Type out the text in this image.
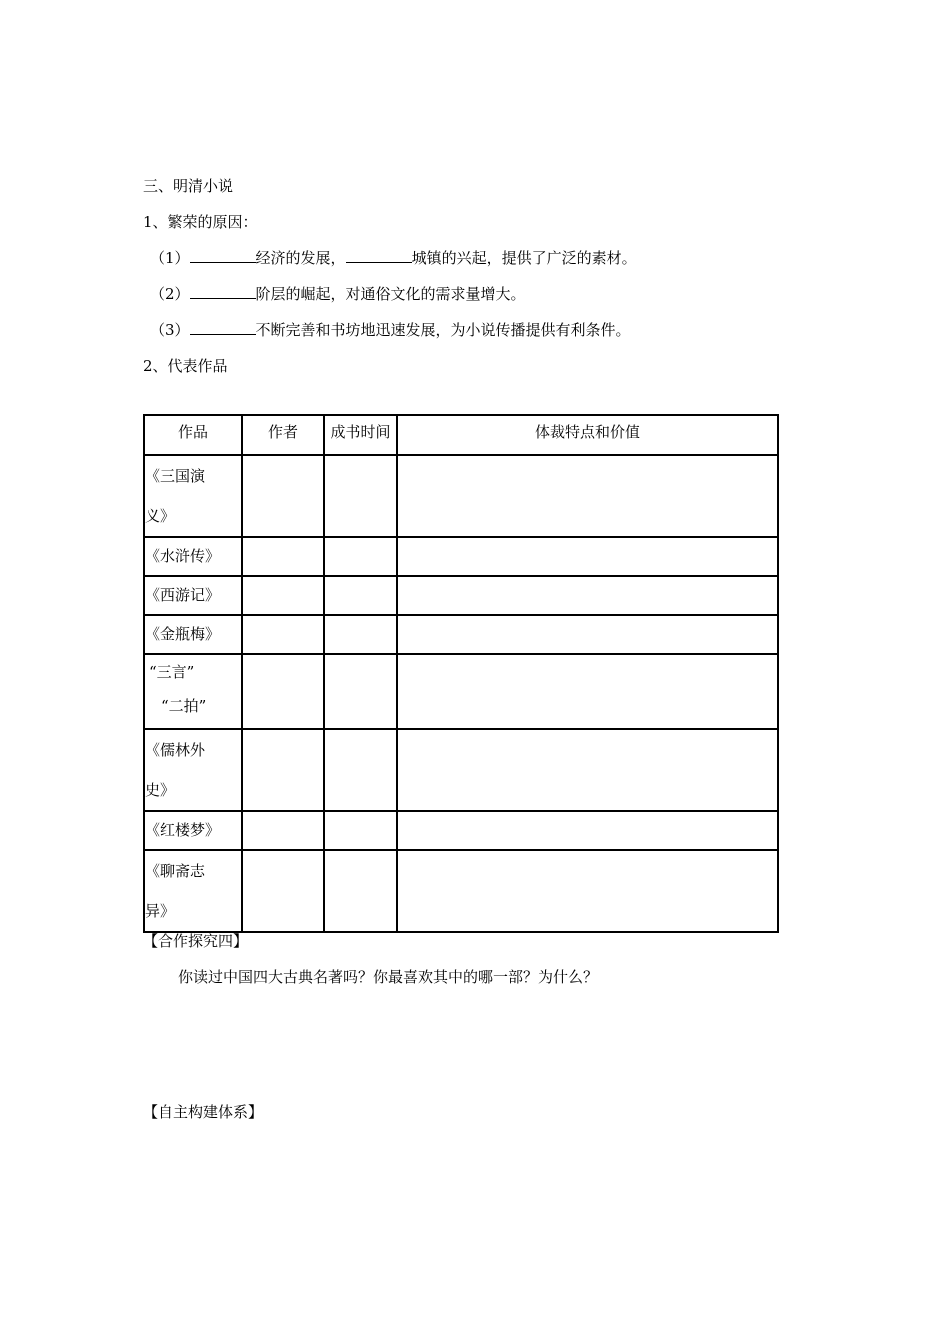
三、明清小说
1、繁荣的原因：
（1）	经济的发展，	城镇的兴起，提供了广泛的素材。
（2）	阶层的崛起，对通俗文化的需求量增大。
（3）	不断完善和书坊地迅速发展，为小说传播提供有利条件。
2、代表作品
作品	作者	成书时间	体裁特点和价值

《三国演
义》			

《水浒传》			

《西游记》			

《金瓶梅》			

“三言”
“二拍”			

《儒林外
史》			

《红楼梦》			

《聊斋志
异》			

【合作探究四】
你读过中国四大古典名著吗？你最喜欢其中的哪一部？为什么？
【自主构建体系】
